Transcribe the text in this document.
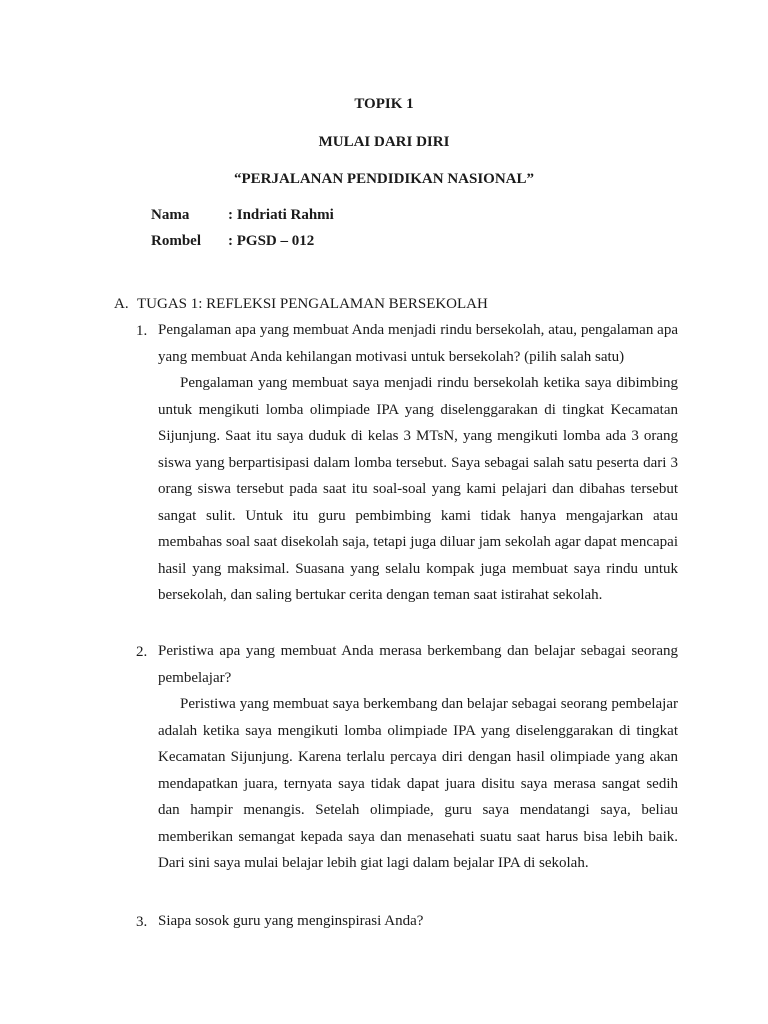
TOPIK 1
MULAI DARI DIRI
“PERJALANAN PENDIDIKAN NASIONAL”
Nama	: Indriati Rahmi
Rombel : PGSD – 012
A. TUGAS 1: REFLEKSI PENGALAMAN BERSEKOLAH
1. Pengalaman apa yang membuat Anda menjadi rindu bersekolah, atau, pengalaman apa yang membuat Anda kehilangan motivasi untuk bersekolah? (pilih salah satu)

Pengalaman yang membuat saya menjadi rindu bersekolah ketika saya dibimbing untuk mengikuti lomba olimpiade IPA yang diselenggarakan di tingkat Kecamatan Sijunjung. Saat itu saya duduk di kelas 3 MTsN, yang mengikuti lomba ada 3 orang siswa yang berpartisipasi dalam lomba tersebut. Saya sebagai salah satu peserta dari 3 orang siswa tersebut pada saat itu soal-soal yang kami pelajari dan dibahas tersebut sangat sulit. Untuk itu guru pembimbing kami tidak hanya mengajarkan atau membahas soal saat disekolah saja, tetapi juga diluar jam sekolah agar dapat mencapai hasil yang maksimal. Suasana yang selalu kompak juga membuat saya rindu untuk bersekolah, dan saling bertukar cerita dengan teman saat istirahat sekolah.

2. Peristiwa apa yang membuat Anda merasa berkembang dan belajar sebagai seorang pembelajar?

Peristiwa yang membuat saya berkembang dan belajar sebagai seorang pembelajar adalah ketika saya mengikuti lomba olimpiade IPA yang diselenggarakan di tingkat Kecamatan Sijunjung. Karena terlalu percaya diri dengan hasil olimpiade yang akan mendapatkan juara, ternyata saya tidak dapat juara disitu saya merasa sangat sedih dan hampir menangis. Setelah olimpiade, guru saya mendatangi saya, beliau memberikan semangat kepada saya dan menasehati suatu saat harus bisa lebih baik. Dari sini saya mulai belajar lebih giat lagi dalam bejalar IPA di sekolah.

3. Siapa sosok guru yang menginspirasi Anda?
